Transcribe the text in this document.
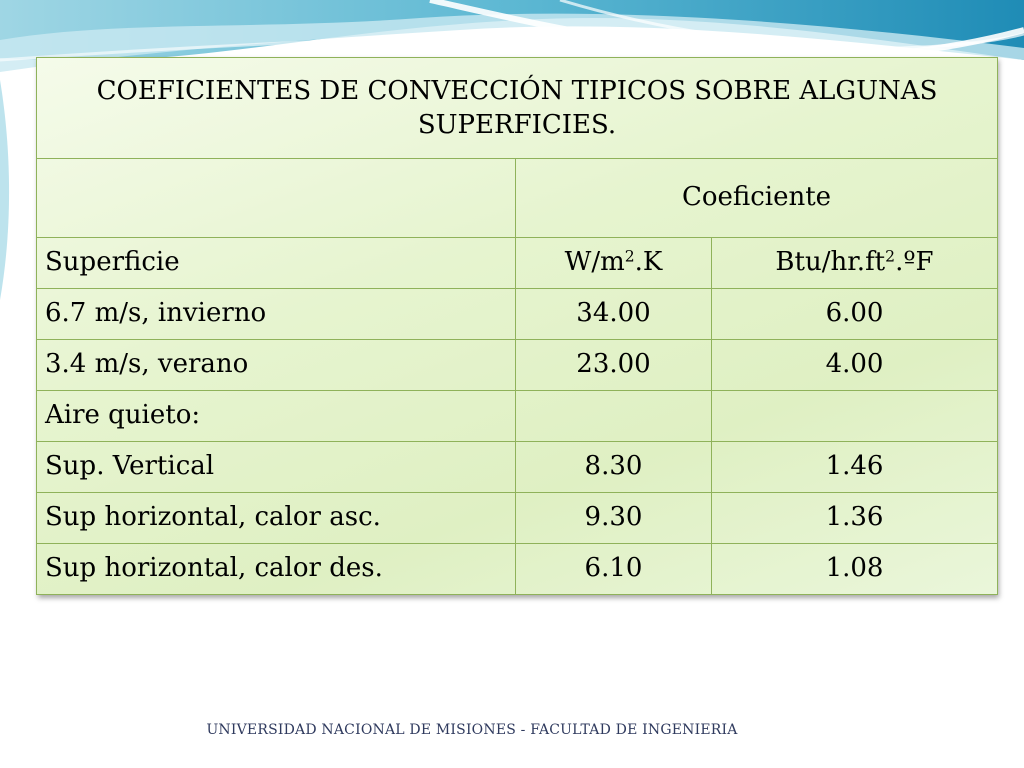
COEFICIENTES DE CONVECCIÓN TIPICOS SOBRE ALGUNAS SUPERFICIES.		
	Coeficiente	
Superficie	$W/m^2.K$	Btu/$hr.ft^2.ºF$
6.7 m/s, invierno	34.00	6.00
3.4 m/s, verano	23.00	4.00
Aire quieto:		
Sup. Vertical	8.30	1.46
Sup horizontal, calor asc.	9.30	1.36
Sup horizontal, calor des.	6.10	1.08
UNIVERSIDAD NACIONAL DE MISIONES - FACULTAD DE INGENIERIA
